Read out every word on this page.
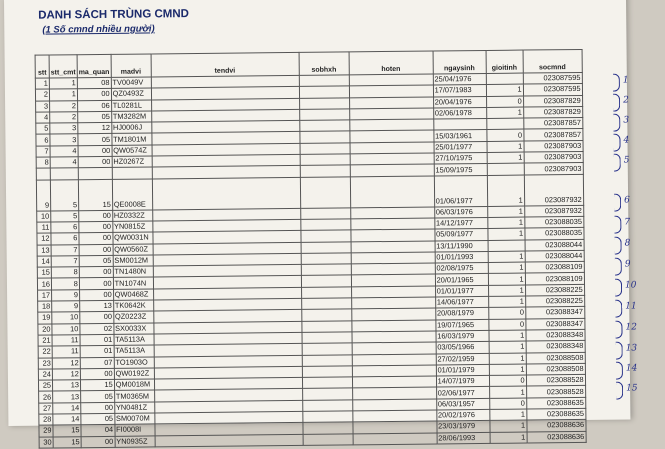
DANH SÁCH TRÙNG CMND
(1 Số cmnd nhiều người)
stt	stt_cmt	ma_quan	madvi	tendvi	sobhxh	hoten	ngaysinh	gioitinh	socmnd
1	1	08	TV0049V				25/04/1976		023087595
2	1	00	QZ0493Z				17/07/1983	1	023087595
3	2	06	TL0281L				20/04/1976	0	023087829
4	2	05	TM3282M				02/06/1978	1	023087829
5	3	12	HJ0006J						023087857
6	3	05	TM1801M				15/03/1961	0	023087857
7	4	00	QW0574Z				25/01/1977	1	023087903
8	4	00	HZ0267Z				27/10/1975	1	023087903
							15/09/1975		023087903
9	5	15	QE0008E				01/06/1977	1	023087932
10	5	00	HZ0332Z				06/03/1976	1	023087932
11	6	00	YN0815Z				14/12/1977	1	023088035
12	6	00	QW0031N				05/09/1977	1	023088035
13	7	00	QW0560Z				13/11/1990		023088044
14	7	05	SM0012M				01/01/1993	1	023088044
15	8	00	TN1480N				02/08/1975	1	023088109
16	8	00	TN1074N				20/01/1965	1	023088109
17	9	00	QW0468Z				01/01/1977	1	023088225
18	9	13	TK0642K				14/06/1977	1	023088225
19	10	00	QZ0223Z				20/08/1979	0	023088347
20	10	02	SX0033X				19/07/1965	0	023088347
21	11	01	TA5113A				16/03/1979	1	023088348
22	11	01	TA5113A				03/05/1966	1	023088348
23	12	07	TO1903O				27/02/1959	1	023088508
24	12	00	QW0192Z				01/01/1979	1	023088508
25	13	15	QM0018M				14/07/1979	0	023088528
26	13	05	TM0365M				02/06/1977	1	023088528
27	14	00	YN0481Z				06/03/1957	0	023088635
28	14	05	SM0070M				20/02/1976	1	023088635
29	15	04	FI0008I				23/03/1979	1	023088636
30	15	00	YN0935Z				28/06/1993	1	023088636
1
2
3
4
5
6
7
8
9
10
11
12
13
14
15
